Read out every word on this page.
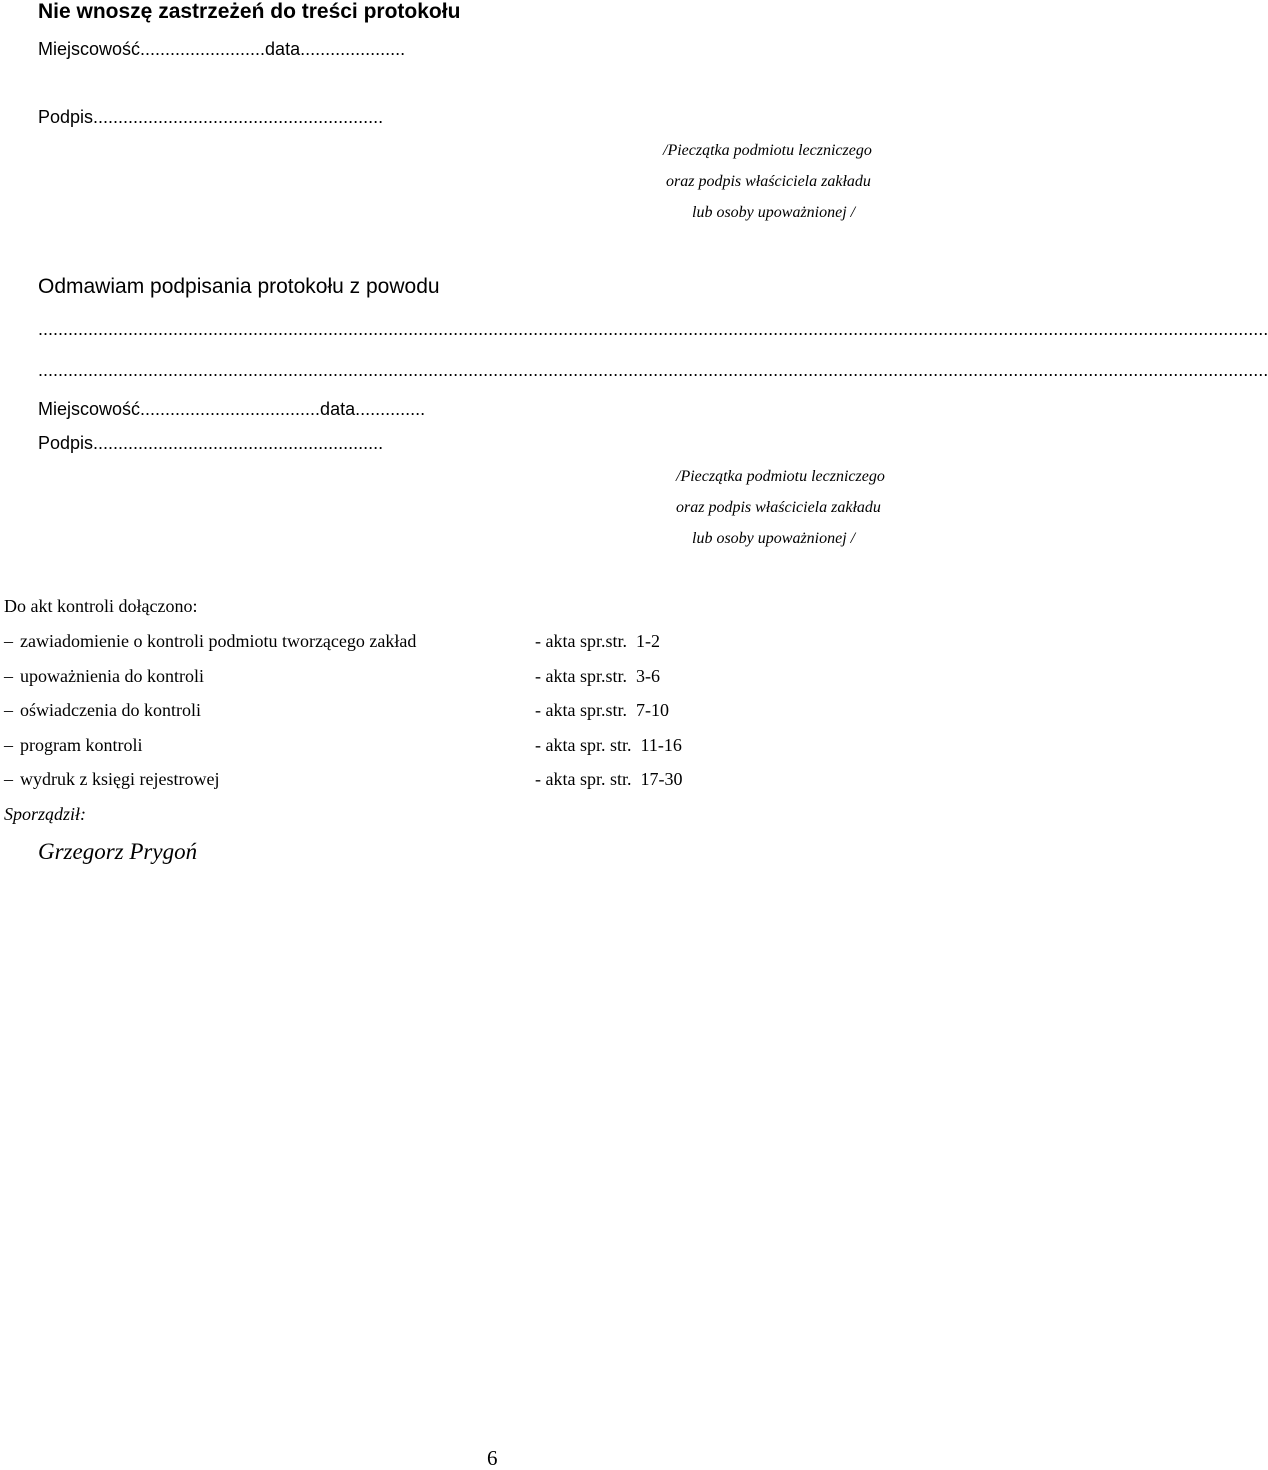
Nie wnoszę zastrzeżeń do treści protokołu
Miejscowość.........................data.....................
Podpis..........................................................
/Pieczątka podmiotu leczniczego
oraz podpis właściciela zakładu
lub osoby upoważnionej /
Odmawiam podpisania protokołu z powodu
......................................................................................................................................................................................................................................................
......................................................................................................................................................................................................................................................
Miejscowość....................................data..............
Podpis..........................................................
/Pieczątka podmiotu leczniczego
oraz podpis właściciela zakładu
lub osoby upoważnionej /
Do akt kontroli dołączono:
– zawiadomienie o kontroli podmiotu tworzącego zakład	- akta spr.str.  1-2
– upoważnienia do kontroli	- akta spr.str.  3-6
– oświadczenia do kontroli	- akta spr.str.  7-10
– program kontroli	- akta spr. str.  11-16
– wydruk z księgi rejestrowej	- akta spr. str.  17-30
Sporządził:
Grzegorz Prygoń
6
